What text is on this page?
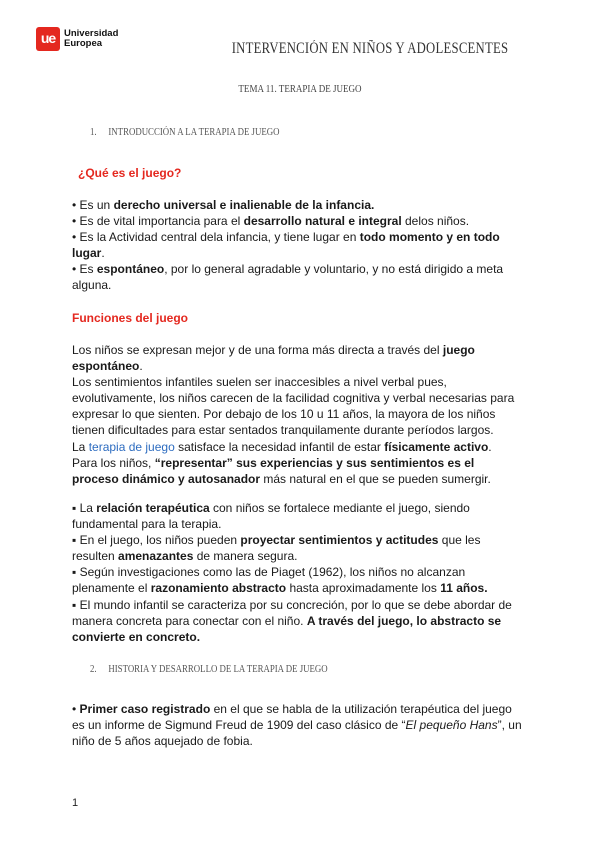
ue Universidad
Europea	INTERVENCIÓN EN NIÑOS Y ADOLESCENTES
TEMA 11. TERAPIA DE JUEGO
1. INTRODUCCIÓN A LA TERAPIA DE JUEGO
¿Qué es el juego?

• Es un derecho universal e inalienable de la infancia.

• Es de vital importancia para el desarrollo natural e integral delos niños.

• Es la Actividad central dela infancia, y tiene lugar en todo momento y en todo lugar.

• Es espontáneo, por lo general agradable y voluntario, y no está dirigido a meta alguna.

Funciones del juego

Los niños se expresan mejor y de una forma más directa a través del juego espontáneo.

Los sentimientos infantiles suelen ser inaccesibles a nivel verbal pues, evolutivamente, los niños carecen de la facilidad cognitiva y verbal necesarias para expresar lo que sienten. Por debajo de los 10 u 11 años, la mayora de los niños tienen dificultades para estar sentados tranquilamente durante períodos largos.

La terapia de juego satisface la necesidad infantil de estar físicamente activo.

Para los niños, “representar” sus experiencias y sus sentimientos es el proceso dinámico y autosanador más natural en el que se pueden sumergir.

▪ La relación terapéutica con niños se fortalece mediante el juego, siendo fundamental para la terapia.

▪ En el juego, los niños pueden proyectar sentimientos y actitudes que les resulten amenazantes de manera segura.

▪ Según investigaciones como las de Piaget (1962), los niños no alcanzan plenamente el razonamiento abstracto hasta aproximadamente los 11 años.

▪ El mundo infantil se caracteriza por su concreción, por lo que se debe abordar de manera concreta para conectar con el niño. A través del juego, lo abstracto se convierte en concreto.

2. HISTORIA Y DESARROLLO DE LA TERAPIA DE JUEGO

• Primer caso registrado en el que se habla de la utilización terapéutica del juego es un informe de Sigmund Freud de 1909 del caso clásico de “El pequeño Hans”, un niño de 5 años aquejado de fobia.

1
